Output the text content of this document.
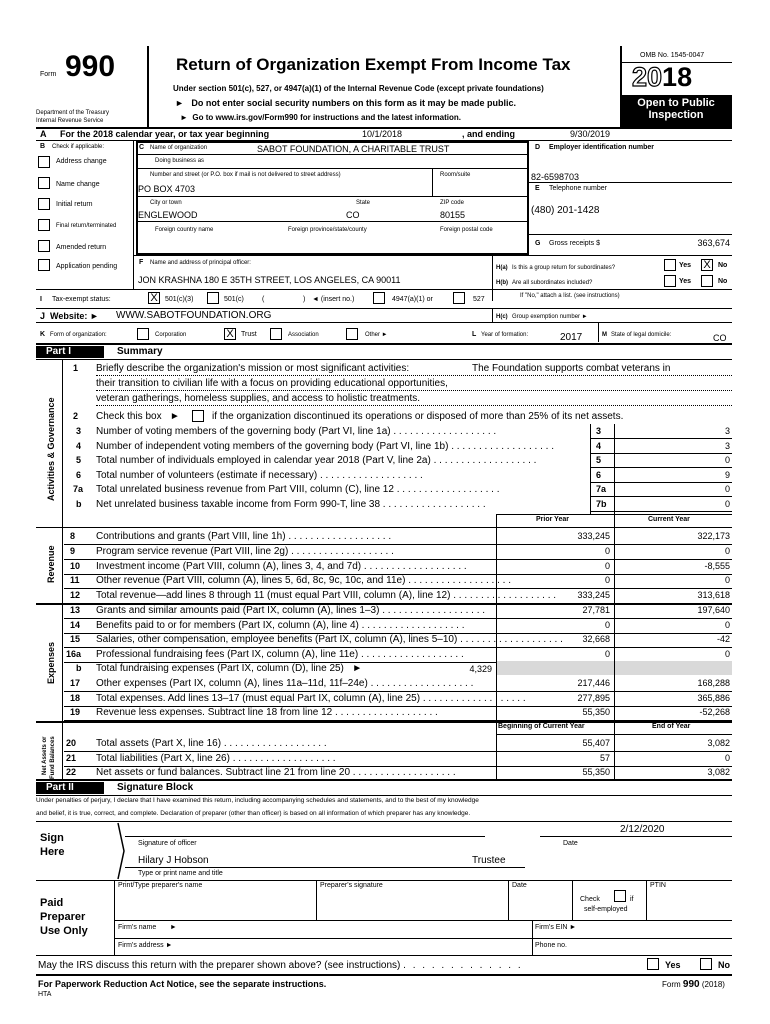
Form 990
Department of the Treasury
Internal Revenue Service
Return of Organization Exempt From Income Tax
Under section 501(c), 527, or 4947(a)(1) of the Internal Revenue Code (except private foundations)
►   Do not enter social security numbers on this form as it may be made public.
►  Go to www.irs.gov/Form990 for instructions and the latest information.
OMB No. 1545-0047
2018
Open to Public
Inspection
A For the 2018 calendar year, or tax year beginning	10/1/2018	, and ending	9/30/2019
B Check if applicable:
Address change
Name change
Initial return
Final return/terminated
Amended return
Application pending
C Name of organization	SABOT FOUNDATION, A CHARITABLE TRUST
Doing business as
Number and street (or P.O. box if mail is not delivered to street address)	Room/suite
PO BOX 4703
City or town	State	ZIP code
ENGLEWOOD	CO	80155
Foreign country name	Foreign province/state/county	Foreign postal code
D Employer identification number
82-6598703
E Telephone number
(480) 201-1428
G Gross receipts $	363,674
F Name and address of principal officer:
JON KRASHNA 180 E 35TH STREET, LOS ANGELES, CA 90011
H(a) Is this a group return for subordinates?	Yes X	No
H(b) Are all subordinates included?	Yes	No
I Tax-exempt status:	X	501(c)(3)	501(c)	(	) ◄ (insert no.)	4947(a)(1) or	527	If "No," attach a list. (see instructions)
J Website: ► WWW.SABOTFOUNDATION.ORG	H(c) Group exemption number ►
K Form of organization:	Corporation	X	Trust	Association	Other ►	L Year of formation:	2017	M State of legal domicile:	CO
Part I	Summary
Activities & Governance
Revenue
Expenses
Net Assets or Fund Balances
1 Briefly describe the organization's mission or most significant activities:	The Foundation supports combat veterans in
their transition to civilian life with a focus on providing educational opportunities,
veteran gatherings, homeless supplies, and access to holistic treatments.
2 Check this box   ►	if the organization discontinued its operations or disposed of more than 25% of its net assets.
3 Number of voting members of the governing body (Part VI, line 1a) . . . . . . . . . . . . . . . . . . .	3	3
4 Number of independent voting members of the governing body (Part VI, line 1b) . . . . . . . . . . . . . . . . . . .	4	3
5 Total number of individuals employed in calendar year 2018 (Part V, line 2a) . . . . . . . . . . . . . . . . . . .	5	0
6 Total number of volunteers (estimate if necessary) . . . . . . . . . . . . . . . . . . .	6	9
7a Total unrelated business revenue from Part VIII, column (C), line 12 . . . . . . . . . . . . . . . . . . .	7a	0
b Net unrelated business taxable income from Form 990-T, line 38 . . . . . . . . . . . . . . . . . . .	7b	0
Prior Year	Current Year
8 Contributions and grants (Part VIII, line 1h) . . . . . . . . . . . . . . . . . . .	333,245	322,173
9 Program service revenue (Part VIII, line 2g) . . . . . . . . . . . . . . . . . . .	0	0
10 Investment income (Part VIII, column (A), lines 3, 4, and 7d) . . . . . . . . . . . . . . . . . . .	0	-8,555
11 Other revenue (Part VIII, column (A), lines 5, 6d, 8c, 9c, 10c, and 11e) . . . . . . . . . . . . . . . . . . .	0	0
12 Total revenue—add lines 8 through 11 (must equal Part VIII, column (A), line 12) . . . . . . . . . . . . . . . . . . .	333,245	313,618
13 Grants and similar amounts paid (Part IX, column (A), lines 1–3) . . . . . . . . . . . . . . . . . . .	27,781	197,640
14 Benefits paid to or for members (Part IX, column (A), line 4) . . . . . . . . . . . . . . . . . . .	0	0
15 Salaries, other compensation, employee benefits (Part IX, column (A), lines 5–10) . . . . . . . . . . . . . . . . . . .	32,668	-42
16a Professional fundraising fees (Part IX, column (A), line 11e) . . . . . . . . . . . . . . . . . . .	0	0
17 Other expenses (Part IX, column (A), lines 11a–11d, 11f–24e) . . . . . . . . . . . . . . . . . . .	217,446	168,288
18 Total expenses. Add lines 13–17 (must equal Part IX, column (A), line 25) . . . . . . . . . . . . . . . . . . .	277,895	365,886
19 Revenue less expenses. Subtract line 18 from line 12 . . . . . . . . . . . . . . . . . . .	55,350	-52,268
b Total fundraising expenses (Part IX, column (D), line 25)   ►	4,329
Beginning of Current Year	End of Year
20 Total assets (Part X, line 16) . . . . . . . . . . . . . . . . . . .	55,407	3,082
21 Total liabilities (Part X, line 26) . . . . . . . . . . . . . . . . . . .	57	0
22 Net assets or fund balances. Subtract line 21 from line 20 . . . . . . . . . . . . . . . . . . .	55,350	3,082
Part II	Signature Block
Under penalties of perjury, I declare that I have examined this return, including accompanying schedules and statements, and to the best of my knowledge
and belief, it is true, correct, and complete. Declaration of preparer (other than officer) is based on all information of which preparer has any knowledge.
Sign
Here
2/12/2020
Signature of officer	Date
Hilary J Hobson	Trustee
Type or print name and title
Paid
Preparer
Use Only
Print/Type preparer's name	Preparer's signature	Date
Check	if
self-employed
PTIN
Firm's name       ►	Firm's EIN ►
Firm's address ►	Phone no.
May the IRS discuss this return with the preparer shown above? (see instructions) . . . . . . . . . . . . .	Yes	No
For Paperwork Reduction Act Notice, see the separate instructions.
HTA
Form 990 (2018)
